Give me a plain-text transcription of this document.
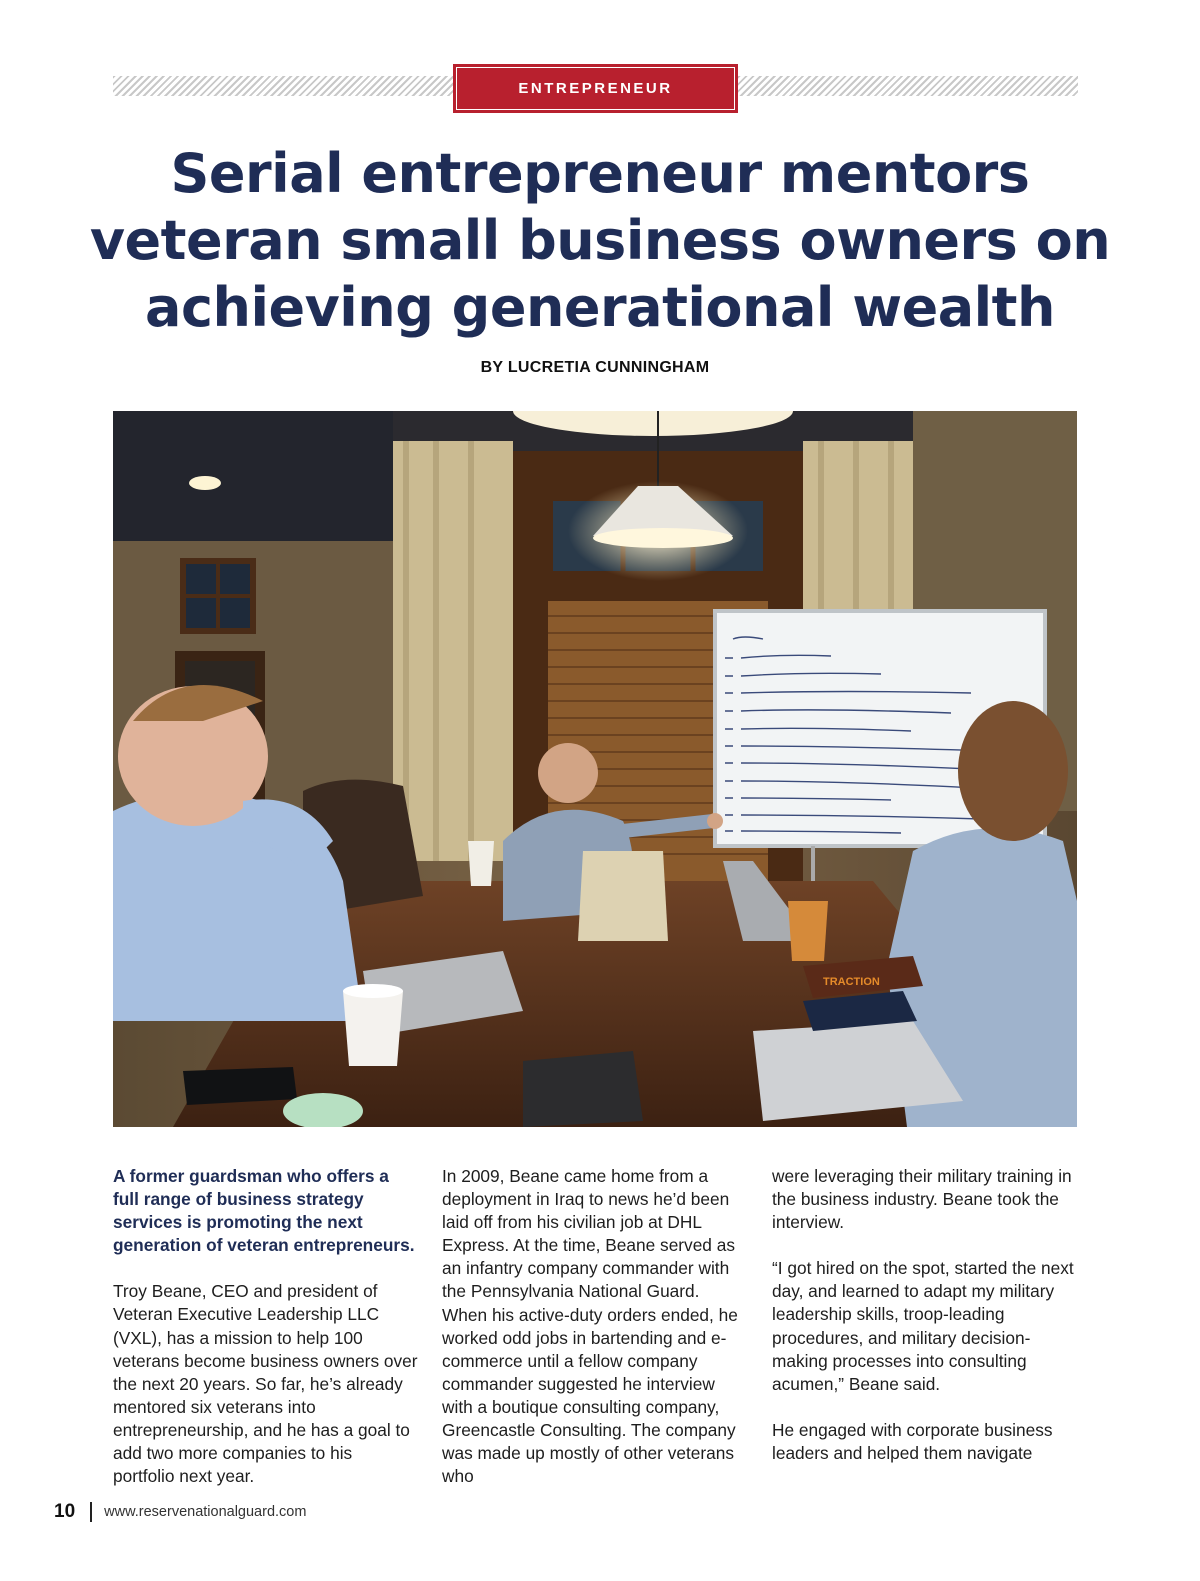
ENTREPRENEUR
Serial entrepreneur mentors veteran small business owners on achieving generational wealth
BY LUCRETIA CUNNINGHAM
TRACTION

A former guardsman who offers a full range of business strategy services is promoting the next generation of veteran entrepreneurs.

Troy Beane, CEO and president of Veteran Executive Leadership LLC (VXL), has a mission to help 100 veterans become business owners over the next 20 years. So far, he’s already mentored six veterans into entrepreneurship, and he has a goal to add two more companies to his portfolio next year.

In 2009, Beane came home from a deployment in Iraq to news he’d been laid off from his civilian job at DHL Express. At the time, Beane served as an infantry company commander with the Pennsylvania National Guard. When his active-duty orders ended, he worked odd jobs in bartending and e-commerce until a fellow company commander suggested he interview with a boutique consulting company, Greencastle Consulting. The company was made up mostly of other veterans who

were leveraging their military training in the business industry. Beane took the interview.

“I got hired on the spot, started the next day, and learned to adapt my military leadership skills, troop-leading procedures, and military decision-making processes into consulting acumen,” Beane said.

He engaged with corporate business leaders and helped them navigate

10 www.reservenationalguard.com
